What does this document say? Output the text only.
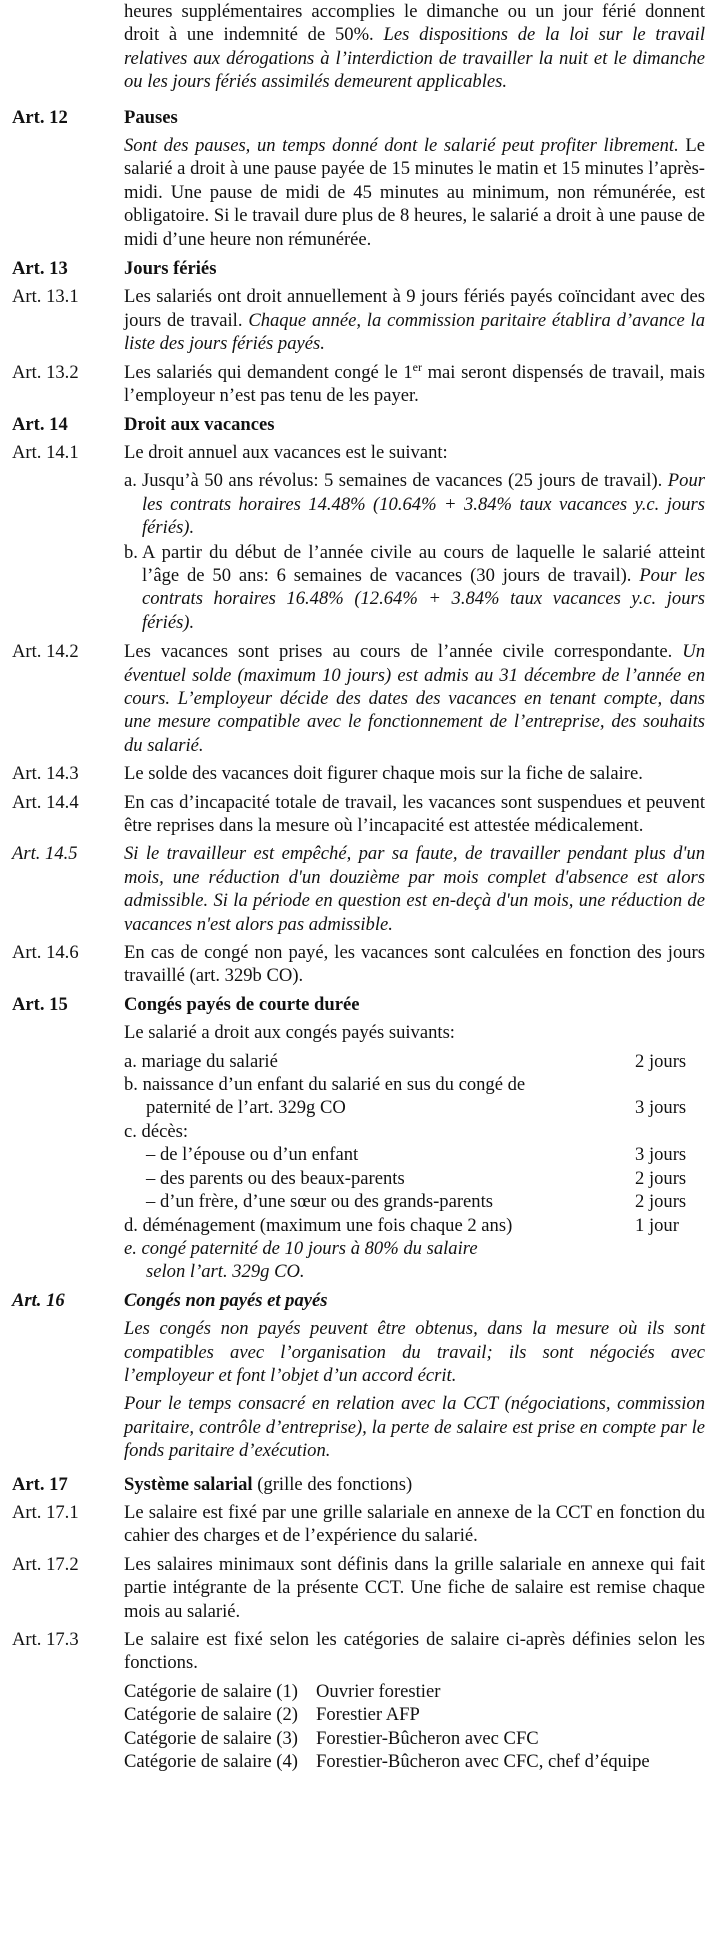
heures supplémentaires accomplies le dimanche ou un jour férié donnent droit à une indemnité de 50%. Les dispositions de la loi sur le travail relatives aux dérogations à l’interdiction de travailler la nuit et le dimanche ou les jours fériés assimilés demeurent applicables.
Art. 12	Pauses
Sont des pauses, un temps donné dont le salarié peut profiter librement. Le salarié a droit à une pause payée de 15 minutes le matin et 15 minutes l’après-midi. Une pause de midi de 45 minutes au minimum, non rémunérée, est obligatoire. Si le travail dure plus de 8 heures, le salarié a droit à une pause de midi d’une heure non rémunérée.
Art. 13	Jours fériés
Art. 13.1	Les salariés ont droit annuellement à 9 jours fériés payés coïncidant avec des jours de travail. Chaque année, la commission paritaire établira d’avance la liste des jours fériés payés.
Art. 13.2	Les salariés qui demandent congé le 1er mai seront dispensés de travail, mais l’employeur n’est pas tenu de les payer.
Art. 14	Droit aux vacances
Art. 14.1	Le droit annuel aux vacances est le suivant:
a. Jusqu’à 50 ans révolus: 5 semaines de vacances (25 jours de travail). Pour les contrats horaires 14.48% (10.64% + 3.84% taux vacances y.c. jours fériés).
b. A partir du début de l’année civile au cours de laquelle le salarié atteint l’âge de 50 ans: 6 semaines de vacances (30 jours de travail). Pour les contrats horaires 16.48% (12.64% + 3.84% taux vacances y.c. jours fériés).
Art. 14.2	Les vacances sont prises au cours de l’année civile correspondante. Un éventuel solde (maximum 10 jours) est admis au 31 décembre de l’année en cours. L’employeur décide des dates des vacances en tenant compte, dans une mesure compatible avec le fonctionnement de l’entreprise, des souhaits du salarié.
Art. 14.3	Le solde des vacances doit figurer chaque mois sur la fiche de salaire.
Art. 14.4	En cas d’incapacité totale de travail, les vacances sont suspendues et peuvent être reprises dans la mesure où l’incapacité est attestée médicalement.
Art. 14.5	Si le travailleur est empêché, par sa faute, de travailler pendant plus d'un mois, une réduction d'un douzième par mois complet d'absence est alors admissible. Si la période en question est en-deçà d'un mois, une réduction de vacances n'est alors pas admissible.
Art. 14.6	En cas de congé non payé, les vacances sont calculées en fonction des jours travaillé (art. 329b CO).
Art. 15	Congés payés de courte durée
Le salarié a droit aux congés payés suivants:
a. mariage du salarié	2 jours
b. naissance d’un enfant du salarié en sus du congé de
paternité de l’art. 329g CO	3 jours
c. décès:
– de l’épouse ou d’un enfant	3 jours
– des parents ou des beaux-parents	2 jours
– d’un frère, d’une sœur ou des grands-parents	2 jours
d. déménagement (maximum une fois chaque 2 ans)	1 jour
e. congé paternité de 10 jours à 80% du salaire
selon l’art. 329g CO.
Art. 16	Congés non payés et payés
Les congés non payés peuvent être obtenus, dans la mesure où ils sont compatibles avec l’organisation du travail; ils sont négociés avec l’employeur et font l’objet d’un accord écrit.
Pour le temps consacré en relation avec la CCT (négociations, commission paritaire, contrôle d’entreprise), la perte de salaire est prise en compte par le fonds paritaire d’exécution.
Art. 17	Système salarial (grille des fonctions)
Art. 17.1	Le salaire est fixé par une grille salariale en annexe de la CCT en fonction du cahier des charges et de l’expérience du salarié.
Art. 17.2	Les salaires minimaux sont définis dans la grille salariale en annexe qui fait partie intégrante de la présente CCT. Une fiche de salaire est remise chaque mois au salarié.
Art. 17.3	Le salaire est fixé selon les catégories de salaire ci-après définies selon les fonctions.
Catégorie de salaire (1) Ouvrier forestier
Catégorie de salaire (2) Forestier AFP
Catégorie de salaire (3) Forestier-Bûcheron avec CFC
Catégorie de salaire (4) Forestier-Bûcheron avec CFC, chef d’équipe
